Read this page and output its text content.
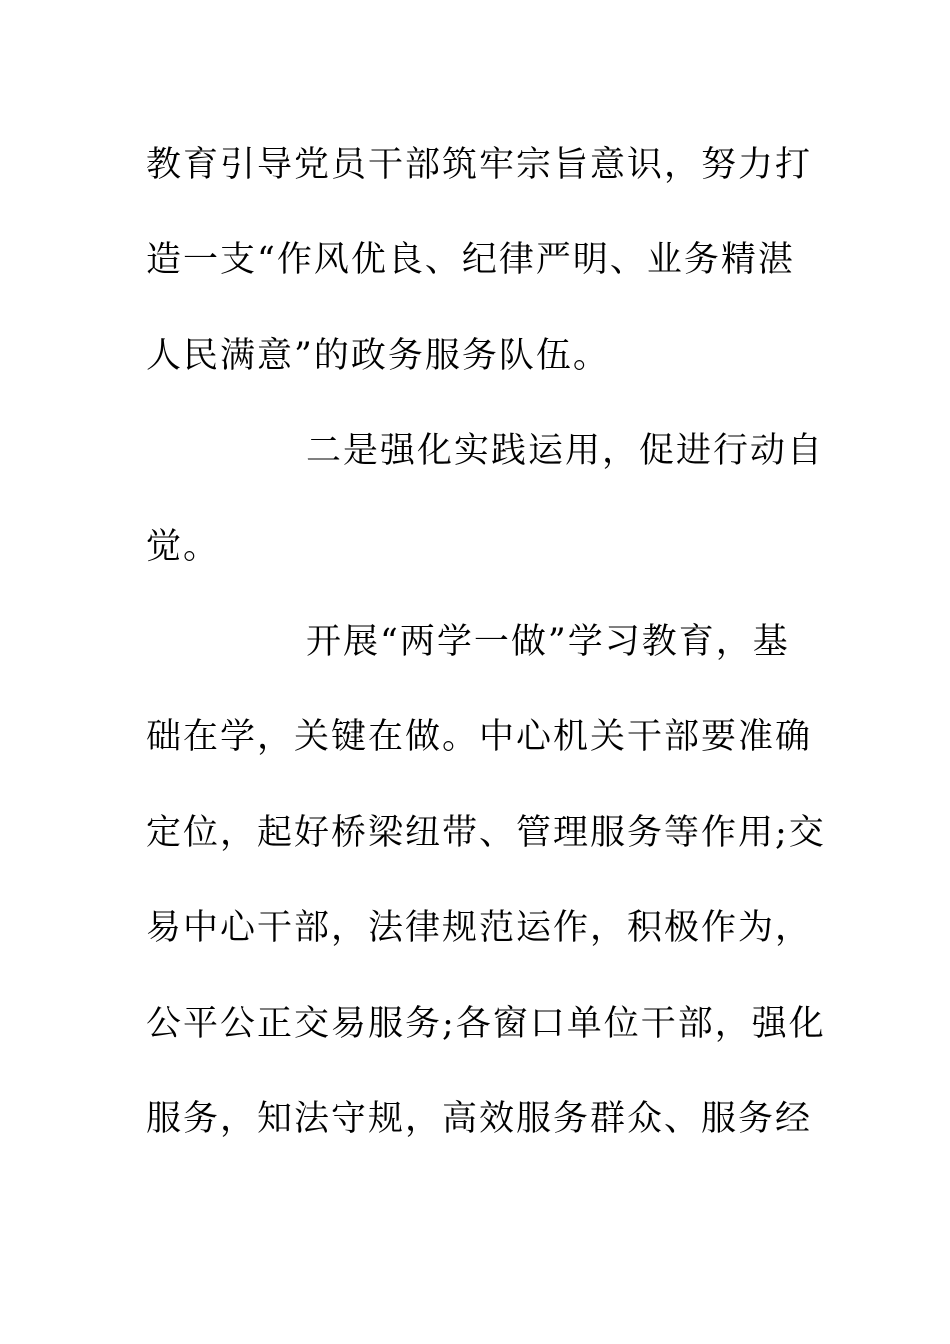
教育引导党员干部筑牢宗旨意识，努力打
造一支“作风优良、纪律严明、业务精湛
人民满意”的政务服务队伍。
二是强化实践运用，促进行动自
觉。
开展“两学一做”学习教育，基
础在学，关键在做。中心机关干部要准确
定位，起好桥梁纽带、管理服务等作用;交
易中心干部，法律规范运作，积极作为，
公平公正交易服务;各窗口单位干部，强化
服务，知法守规，高效服务群众、服务经
